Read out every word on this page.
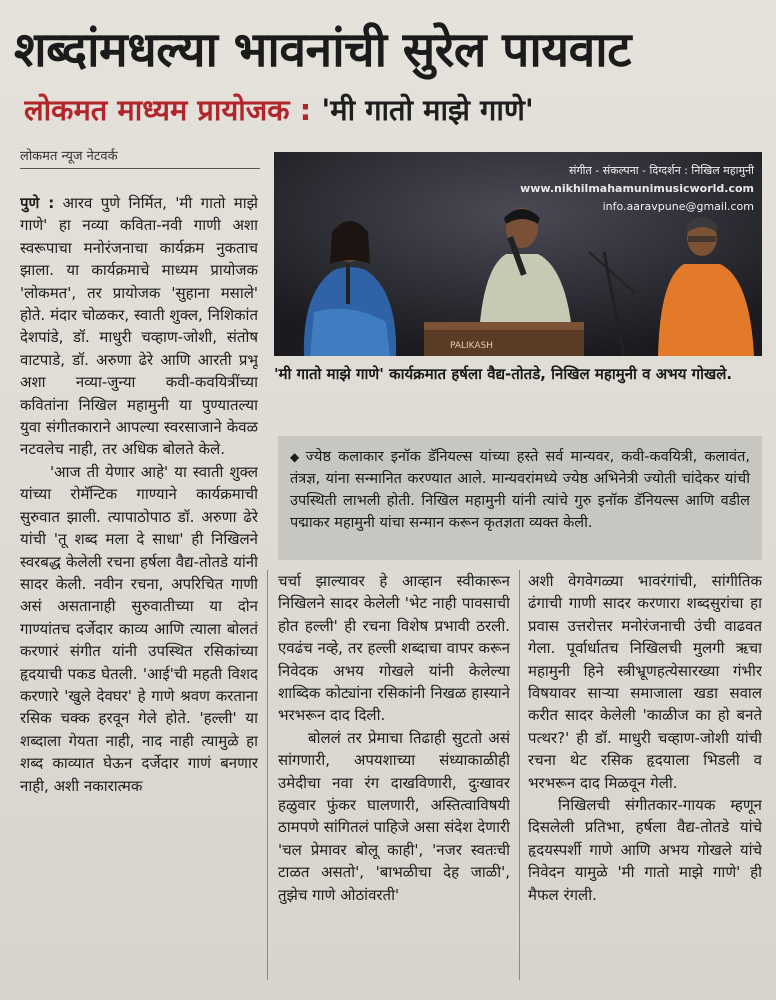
शब्दांमधल्या भावनांची सुरेल पायवाट
लोकमत माध्यम प्रायोजक : 'मी गातो माझे गाणे'
लोकमत न्यूज नेटवर्क

पुणे : आरव पुणे निर्मित, 'मी गातो माझे गाणे' हा नव्या कविता-नवी गाणी अशा स्वरूपाचा मनोरंजनाचा कार्यक्रम नुकताच झाला. या कार्यक्रमाचे माध्यम प्रायोजक 'लोकमत', तर प्रायोजक 'सुहाना मसाले' होते. मंदार चोळकर, स्वाती शुक्ल, निशिकांत देशपांडे, डॉ. माधुरी चव्हाण-जोशी, संतोष वाटपाडे, डॉ. अरुणा ढेरे आणि आरती प्रभू अशा नव्या-जुन्या कवी-कवयित्रींच्या कवितांना निखिल महामुनी या पुण्यातल्या युवा संगीतकाराने आपल्या स्वरसाजाने केवळ नटवलेच नाही, तर अधिक बोलते केले.

'आज ती येणार आहे' या स्वाती शुक्ल यांच्या रोमॅन्टिक गाण्याने कार्यक्रमाची सुरुवात झाली. त्यापाठोपाठ डॉ. अरुणा ढेरे यांची 'तू शब्द मला दे साधा' ही निखिलने स्वरबद्ध केलेली रचना हर्षला वैद्य-तोतडे यांनी सादर केली. नवीन रचना, अपरिचित गाणी असं असतानाही सुरुवातीच्या या दोन गाण्यांतच दर्जेदार काव्य आणि त्याला बोलतं करणारं संगीत यांनी उपस्थित रसिकांच्या हृदयाची पकड घेतली. 'आई'ची महती विशद करणारे 'खुले देवघर' हे गाणे श्रवण करताना रसिक चक्क हरवून गेले होते. 'हल्ली' या शब्दाला गेयता नाही, नाद नाही त्यामुळे हा शब्द काव्यात घेऊन दर्जेदार गाणं बनणार नाही, अशी नकारात्मक

PALIKASH
संगीत - संकल्पना - दिग्दर्शन : निखिल महामुनी
www.nikhilmahamunimusicworld.com
info.aaravpune@gmail.com
'मी गातो माझे गाणे' कार्यक्रमात हर्षला वैद्य-तोतडे, निखिल महामुनी व अभय गोखले.
◆ ज्येष्ठ कलाकार इनॉक डॅनियल्स यांच्या हस्ते सर्व मान्यवर, कवी-कवयित्री, कलावंत, तंत्रज्ञ, यांना सन्मानित करण्यात आले. मान्यवरांमध्ये ज्येष्ठ अभिनेत्री ज्योती चांदेकर यांची उपस्थिती लाभली होती. निखिल महामुनी यांनी त्यांचे गुरु इनॉक डॅनियल्स आणि वडील पद्माकर महामुनी यांचा सन्मान करून कृतज्ञता व्यक्त केली.

चर्चा झाल्यावर हे आव्हान स्वीकारून निखिलने सादर केलेली 'भेट नाही पावसाची होत हल्ली' ही रचना विशेष प्रभावी ठरली. एवढंच नव्हे, तर हल्ली शब्दाचा वापर करून निवेदक अभय गोखले यांनी केलेल्या शाब्दिक कोट्यांना रसिकांनी निखळ हास्याने भरभरून दाद दिली.

बोललं तर प्रेमाचा तिढाही सुटतो असं सांगणारी, अपयशाच्या संध्याकाळीही उमेदीचा नवा रंग दाखविणारी, दुःखावर हळुवार फुंकर घालणारी, अस्तित्वाविषयी ठामपणे सांगितलं पाहिजे असा संदेश देणारी 'चल प्रेमावर बोलू काही', 'नजर स्वतःची टाळत असतो', 'बाभळीचा देह जाळी', तुझेच गाणे ओठांवरती'

अशी वेगवेगळ्या भावरंगांची, सांगीतिक ढंगाची गाणी सादर करणारा शब्दसुरांचा हा प्रवास उत्तरोत्तर मनोरंजनाची उंची वाढवत गेला. पूर्वार्धातच निखिलची मुलगी ऋचा महामुनी हिने स्त्रीभ्रूणहत्येसारख्या गंभीर विषयावर साऱ्या समाजाला खडा सवाल करीत सादर केलेली 'काळीज का हो बनते पत्थर?' ही डॉ. माधुरी चव्हाण-जोशी यांची रचना थेट रसिक हृदयाला भिडली व भरभरून दाद मिळवून गेली.

निखिलची संगीतकार-गायक म्हणून दिसलेली प्रतिभा, हर्षला वैद्य-तोतडे यांचे हृदयस्पर्शी गाणे आणि अभय गोखले यांचे निवेदन यामुळे 'मी गातो माझे गाणे' ही मैफल रंगली.
